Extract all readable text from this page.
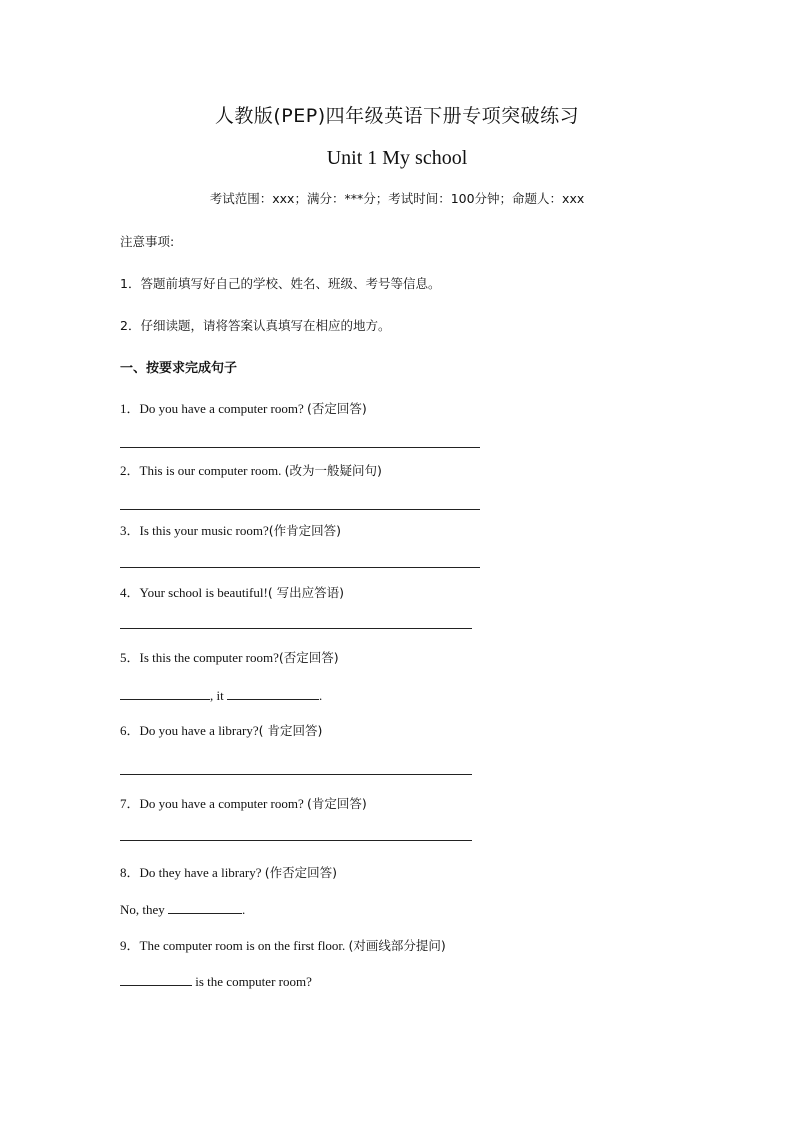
人教版(PEP)四年级英语下册专项突破练习
Unit 1 My school
考试范围：xxx；满分：***分；考试时间：100分钟；命题人：xxx
注意事项:
1．答题前填写好自己的学校、姓名、班级、考号等信息。
2．仔细读题，请将答案认真填写在相应的地方。
一、按要求完成句子
1．Do you have a computer room? (否定回答)
2．This is our computer room. (改为一般疑问句)
3．Is this your music room?(作肯定回答)
4．Your school is beautiful!( 写出应答语)
5．Is this the computer room?(否定回答)
, it	.
6．Do you have a library?( 肯定回答)
7．Do you have a computer room? (肯定回答)
8．Do they have a library? (作否定回答)
No, they	.
9．The computer room is on the first floor. (对画线部分提问)
is the computer room?
